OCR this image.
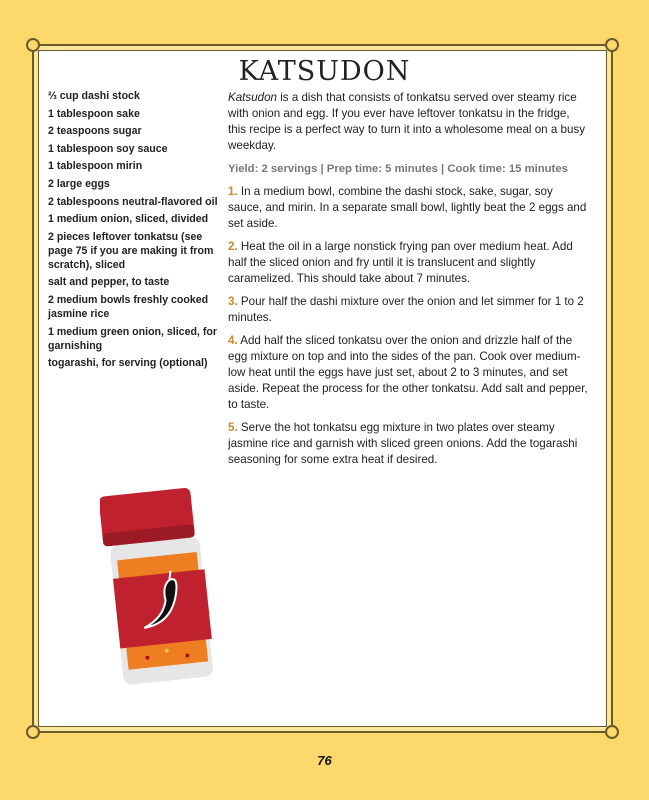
KATSUDON
⅔ cup dashi stock
1 tablespoon sake
2 teaspoons sugar
1 tablespoon soy sauce
1 tablespoon mirin
2 large eggs
2 tablespoons neutral-flavored oil
1 medium onion, sliced, divided
2 pieces leftover tonkatsu (see page 75 if you are making it from scratch), sliced
salt and pepper, to taste
2 medium bowls freshly cooked jasmine rice
1 medium green onion, sliced, for garnishing
togarashi, for serving (optional)

Katsudon is a dish that consists of tonkatsu served over steamy rice with onion and egg. If you ever have leftover tonkatsu in the fridge, this recipe is a perfect way to turn it into a wholesome meal on a busy weekday.

Yield: 2 servings | Prep time: 5 minutes | Cook time: 15 minutes

1. In a medium bowl, combine the dashi stock, sake, sugar, soy sauce, and mirin. In a separate small bowl, lightly beat the 2 eggs and set aside.

2. Heat the oil in a large nonstick frying pan over medium heat. Add half the sliced onion and fry until it is translucent and slightly caramelized. This should take about 7 minutes.

3. Pour half the dashi mixture over the onion and let simmer for 1 to 2 minutes.

4. Add half the sliced tonkatsu over the onion and drizzle half of the egg mixture on top and into the sides of the pan. Cook over medium-low heat until the eggs have just set, about 2 to 3 minutes, and set aside. Repeat the process for the other tonkatsu. Add salt and pepper, to taste.

5. Serve the hot tonkatsu egg mixture in two plates over steamy jasmine rice and garnish with sliced green onions. Add the togarashi seasoning for some extra heat if desired.

76
